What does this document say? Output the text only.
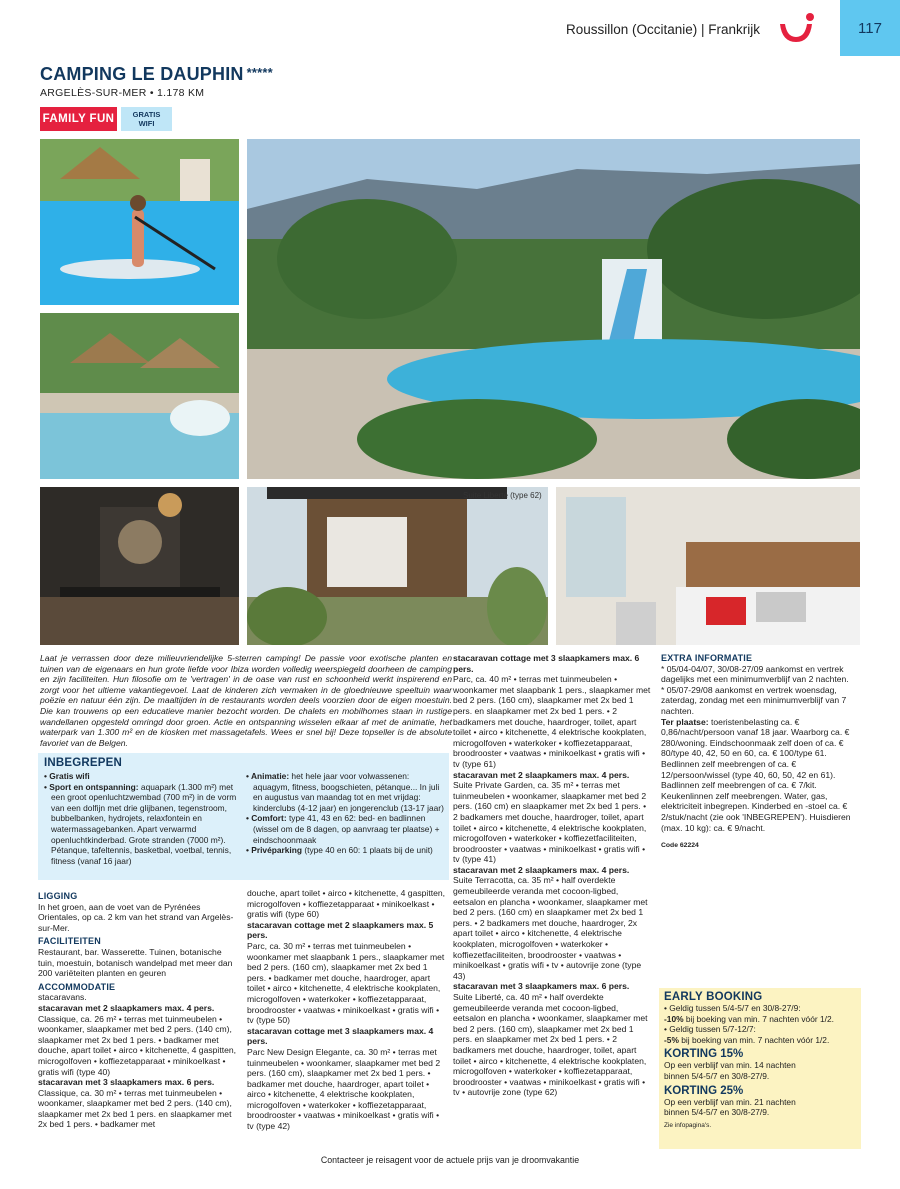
Roussillon (Occitanie) | Frankrijk	117
CAMPING LE DAUPHIN *****
ARGELÈS-SUR-MER • 1.178 KM
FAMILY FUN	GRATIS
WIFI
Suite Liberté (type 62)
Laat je verrassen door deze milieuvriendelijke 5-sterren camping! De passie voor exotische planten en tuinen van de eigenaars en hun grote liefde voor Ibiza worden volledig weerspiegeld doorheen de camping en zijn faciliteiten. Hun filosofie om te 'vertragen' in de oase van rust en schoonheid werkt inspirerend en zorgt voor het ultieme vakantiegevoel. Laat de kinderen zich vermaken in de gloednieuwe speeltuin waar poëzie en natuur één zijn. De maaltijden in de restaurants worden deels voorzien door de eigen moestuin. Die kan trouwens op een educatieve manier bezocht worden. De chalets en mobilhomes staan in rustige wandellanen opgesteld omringd door groen. Actie en ontspanning wisselen elkaar af met de animatie, het waterpark van 1.300 m² en de kiosken met massagetafels. Wees er snel bij! Deze topseller is de absolute favoriet van de Belgen.
INBEGREPEN
• Gratis wifi
• Sport en ontspanning: aquapark (1.300 m²) met een groot openluchtzwembad (700 m²) in de vorm van een dolfijn met drie glijbanen, tegenstroom, bubbelbanken, hydrojets, relaxfontein en watermassagebanken. Apart verwarmd openluchtkinderbad. Grote stranden (7000 m²). Pétanque, tafeltennis, basketbal, voetbal, tennis, fitness (vanaf 16 jaar)
• Animatie: het hele jaar voor volwassenen: aquagym, fitness, boogschieten, pétanque... In juli en augustus van maandag tot en met vrijdag: kinderclubs (4-12 jaar) en jongerenclub (13-17 jaar)
• Comfort: type 41, 43 en 62: bed- en badlinnen (wissel om de 8 dagen, op aanvraag ter plaatse) + eindschoonmaak
• Privéparking (type 40 en 60: 1 plaats bij de unit)
LIGGING

In het groen, aan de voet van de Pyrénées Orientales, op ca. 2 km van het strand van Argelès-sur-Mer.

FACILITEITEN

Restaurant, bar. Wasserette. Tuinen, botanische tuin, moestuin, botanisch wandelpad met meer dan 200 variëteiten planten en geuren

ACCOMMODATIE

stacaravans.

stacaravan met 2 slaapkamers max. 4 pers.

Classique, ca. 26 m² • terras met tuinmeubelen • woonkamer, slaapkamer met bed 2 pers. (140 cm), slaapkamer met 2x bed 1 pers. • badkamer met douche, apart toilet • airco • kitchenette, 4 gaspitten, microgolfoven • koffiezetapparaat • minikoelkast • gratis wifi (type 40)

stacaravan met 3 slaapkamers max. 6 pers.

Classique, ca. 30 m² • terras met tuinmeubelen • woonkamer, slaapkamer met bed 2 pers. (140 cm), slaapkamer met 2x bed 1 pers. en slaapkamer met 2x bed 1 pers. • badkamer met

douche, apart toilet • airco • kitchenette, 4 gaspitten, microgolfoven • koffiezetapparaat • minikoelkast • gratis wifi (type 60)

stacaravan cottage met 2 slaapkamers max. 5 pers.

Parc, ca. 30 m² • terras met tuinmeubelen • woonkamer met slaapbank 1 pers., slaapkamer met bed 2 pers. (160 cm), slaapkamer met 2x bed 1 pers. • badkamer met douche, haardroger, apart toilet • airco • kitchenette, 4 elektrische kookplaten, microgolfoven • waterkoker • koffiezetapparaat, broodrooster • vaatwas • minikoelkast • gratis wifi • tv (type 50)

stacaravan cottage met 3 slaapkamers max. 4 pers.

Parc New Design Elegante, ca. 30 m² • terras met tuinmeubelen • woonkamer, slaapkamer met bed 2 pers. (160 cm), slaapkamer met 2x bed 1 pers. • badkamer met douche, haardroger, apart toilet • airco • kitchenette, 4 elektrische kookplaten, microgolfoven • waterkoker • koffiezetapparaat, broodrooster • vaatwas • minikoelkast • gratis wifi • tv (type 42)

stacaravan cottage met 3 slaapkamers max. 6 pers.

Parc, ca. 40 m² • terras met tuinmeubelen • woonkamer met slaapbank 1 pers., slaapkamer met bed 2 pers. (160 cm), slaapkamer met 2x bed 1 pers. en slaapkamer met 2x bed 1 pers. • 2 badkamers met douche, haardroger, toilet, apart toilet • airco • kitchenette, 4 elektrische kookplaten, microgolfoven • waterkoker • koffiezetapparaat, broodrooster • vaatwas • minikoelkast • gratis wifi • tv (type 61)

stacaravan met 2 slaapkamers max. 4 pers.

Suite Private Garden, ca. 35 m² • terras met tuinmeubelen • woonkamer, slaapkamer met bed 2 pers. (160 cm) en slaapkamer met 2x bed 1 pers. • 2 badkamers met douche, haardroger, toilet, apart toilet • airco • kitchenette, 4 elektrische kookplaten, microgolfoven • waterkoker • koffiezetfaciliteiten, broodrooster • vaatwas • minikoelkast • gratis wifi • tv (type 41)

stacaravan met 2 slaapkamers max. 4 pers.

Suite Terracotta, ca. 35 m² • half overdekte gemeubileerde veranda met cocoon-ligbed, eetsalon en plancha • woonkamer, slaapkamer met bed 2 pers. (160 cm) en slaapkamer met 2x bed 1 pers. • 2 badkamers met douche, haardroger, 2x apart toilet • airco • kitchenette, 4 elektrische kookplaten, microgolfoven • waterkoker • koffiezetfaciliteiten, broodrooster • vaatwas • minikoelkast • gratis wifi • tv • autovrije zone (type 43)

stacaravan met 3 slaapkamers max. 6 pers.

Suite Liberté, ca. 40 m² • half overdekte gemeubileerde veranda met cocoon-ligbed, eetsalon en plancha • woonkamer, slaapkamer met bed 2 pers. (160 cm), slaapkamer met 2x bed 1 pers. en slaapkamer met 2x bed 1 pers. • 2 badkamers met douche, haardroger, toilet, apart toilet • airco • kitchenette, 4 elektrische kookplaten, microgolfoven • waterkoker • koffiezetapparaat, broodrooster • vaatwas • minikoelkast • gratis wifi • tv • autovrije zone (type 62)

EXTRA INFORMATIE

* 05/04-04/07, 30/08-27/09 aankomst en vertrek dagelijks met een minimumverblijf van 2 nachten.

* 05/07-29/08 aankomst en vertrek woensdag, zaterdag, zondag met een minimumverblijf van 7 nachten.

Ter plaatse: toeristenbelasting ca. € 0,86/nacht/persoon vanaf 18 jaar. Waarborg ca. € 280/woning. Eindschoonmaak zelf doen of ca. € 80/type 40, 42, 50 en 60, ca. € 100/type 61. Bedlinnen zelf meebrengen of ca. € 12/persoon/wissel (type 40, 60, 50, 42 en 61). Badlinnen zelf meebrengen of ca. € 7/kit. Keukenlinnen zelf meebrengen. Water, gas, elektriciteit inbegrepen. Kinderbed en -stoel ca. € 2/stuk/nacht (zie ook 'INBEGREPEN'). Huisdieren (max. 10 kg): ca. € 9/nacht.

Code 62224

EARLY BOOKING
• Geldig tussen 5/4-5/7 en 30/8-27/9:
-10% bij boeking van min. 7 nachten vóór 1/2.
• Geldig tussen 5/7-12/7:
-5% bij boeking van min. 7 nachten vóór 1/2.
KORTING 15%
Op een verblijf van min. 14 nachten
binnen 5/4-5/7 en 30/8-27/9.
KORTING 25%
Op een verblijf van min. 21 nachten
binnen 5/4-5/7 en 30/8-27/9.
Zie infopagina's.
Contacteer je reisagent voor de actuele prijs van je droomvakantie
